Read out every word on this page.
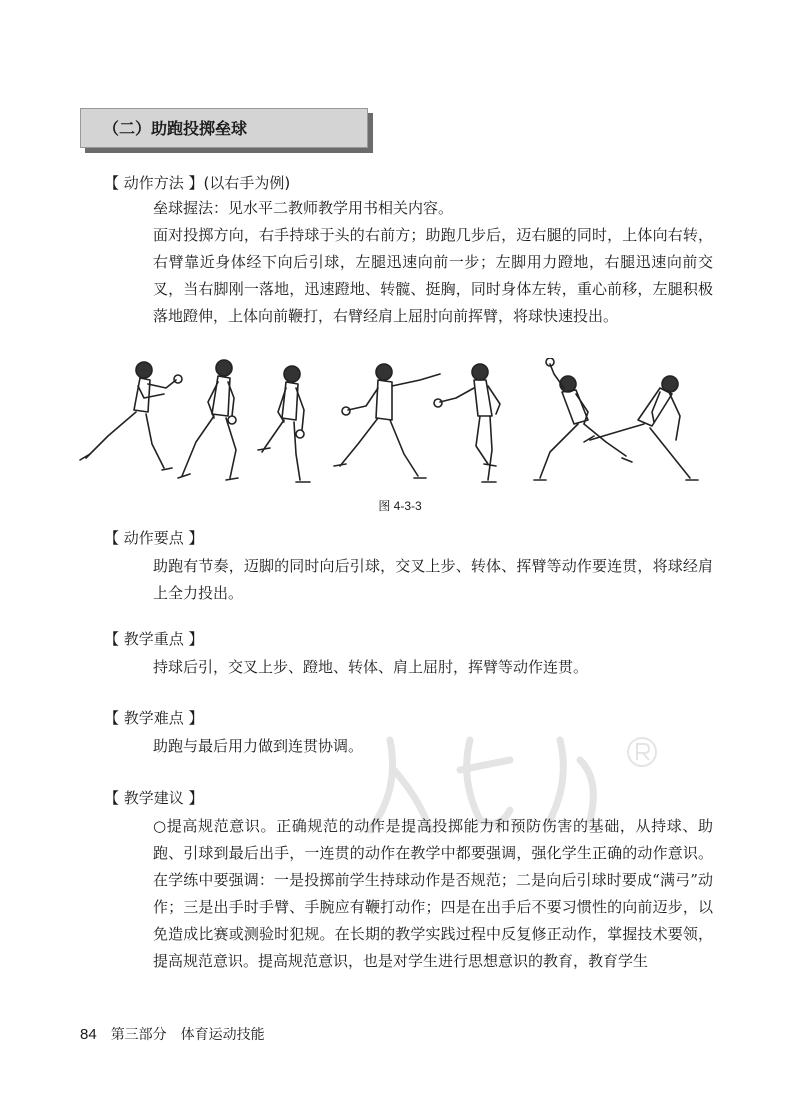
（二）助跑投掷垒球
【 动作方法 】(以右手为例)

垒球握法：见水平二教师教学用书相关内容。

面对投掷方向，右手持球于头的右前方；助跑几步后，迈右腿的同时，上体向右转，右臂靠近身体经下向后引球，左腿迅速向前一步；左脚用力蹬地，右腿迅速向前交叉，当右脚刚一落地，迅速蹬地、转髋、挺胸，同时身体左转，重心前移，左腿积极落地蹬伸，上体向前鞭打，右臂经肩上屈肘向前挥臂，将球快速投出。

图 4-3-3
【 动作要点 】

助跑有节奏，迈脚的同时向后引球，交叉上步、转体、挥臂等动作要连贯，将球经肩上全力投出。

【 教学重点 】

持球后引，交叉上步、蹬地、转体、肩上屈肘，挥臂等动作连贯。

【 教学难点 】

助跑与最后用力做到连贯协调。

【 教学建议 】

○提高规范意识。正确规范的动作是提高投掷能力和预防伤害的基础，从持球、助跑、引球到最后出手，一连贯的动作在教学中都要强调，强化学生正确的动作意识。在学练中要强调：一是投掷前学生持球动作是否规范；二是向后引球时要成“满弓”动作；三是出手时手臂、手腕应有鞭打动作；四是在出手后不要习惯性的向前迈步，以免造成比赛或测验时犯规。在长期的教学实践过程中反复修正动作，掌握技术要领，提高规范意识。提高规范意识，也是对学生进行思想意识的教育，教育学生

84 第三部分　体育运动技能
